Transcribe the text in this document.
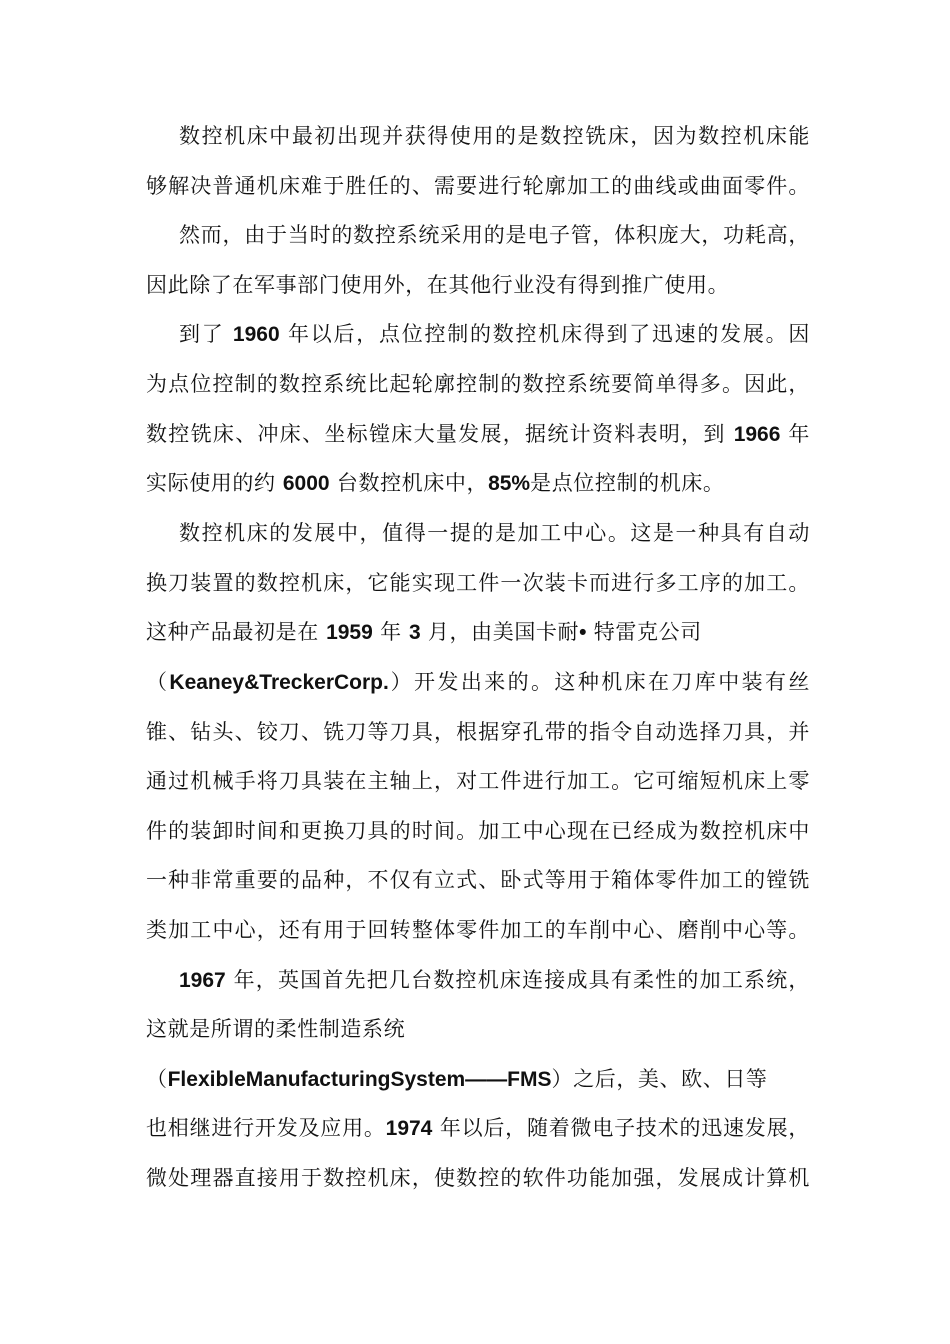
数控机床中最初出现并获得使用的是数控铣床，因为数控机床能
够解决普通机床难于胜任的、需要进行轮廓加工的曲线或曲面零件。
然而，由于当时的数控系统采用的是电子管，体积庞大，功耗高，
因此除了在军事部门使用外，在其他行业没有得到推广使用。
到了 1960 年以后，点位控制的数控机床得到了迅速的发展。因
为点位控制的数控系统比起轮廓控制的数控系统要简单得多。因此，
数控铣床、冲床、坐标镗床大量发展，据统计资料表明，到 1966 年
实际使用的约 6000 台数控机床中，85%是点位控制的机床。
数控机床的发展中，值得一提的是加工中心。这是一种具有自动
换刀装置的数控机床，它能实现工件一次装卡而进行多工序的加工。
这种产品最初是在 1959 年 3 月，由美国卡耐• 特雷克公司
（Keaney&TreckerCorp.）开发出来的。这种机床在刀库中装有丝
锥、钻头、铰刀、铣刀等刀具，根据穿孔带的指令自动选择刀具，并
通过机械手将刀具装在主轴上，对工件进行加工。它可缩短机床上零
件的装卸时间和更换刀具的时间。加工中心现在已经成为数控机床中
一种非常重要的品种，不仅有立式、卧式等用于箱体零件加工的镗铣
类加工中心，还有用于回转整体零件加工的车削中心、磨削中心等。
1967 年，英国首先把几台数控机床连接成具有柔性的加工系统，
这就是所谓的柔性制造系统
（FlexibleManufacturingSystem——FMS）之后，美、欧、日等
也相继进行开发及应用。1974 年以后，随着微电子技术的迅速发展，
微处理器直接用于数控机床，使数控的软件功能加强，发展成计算机
